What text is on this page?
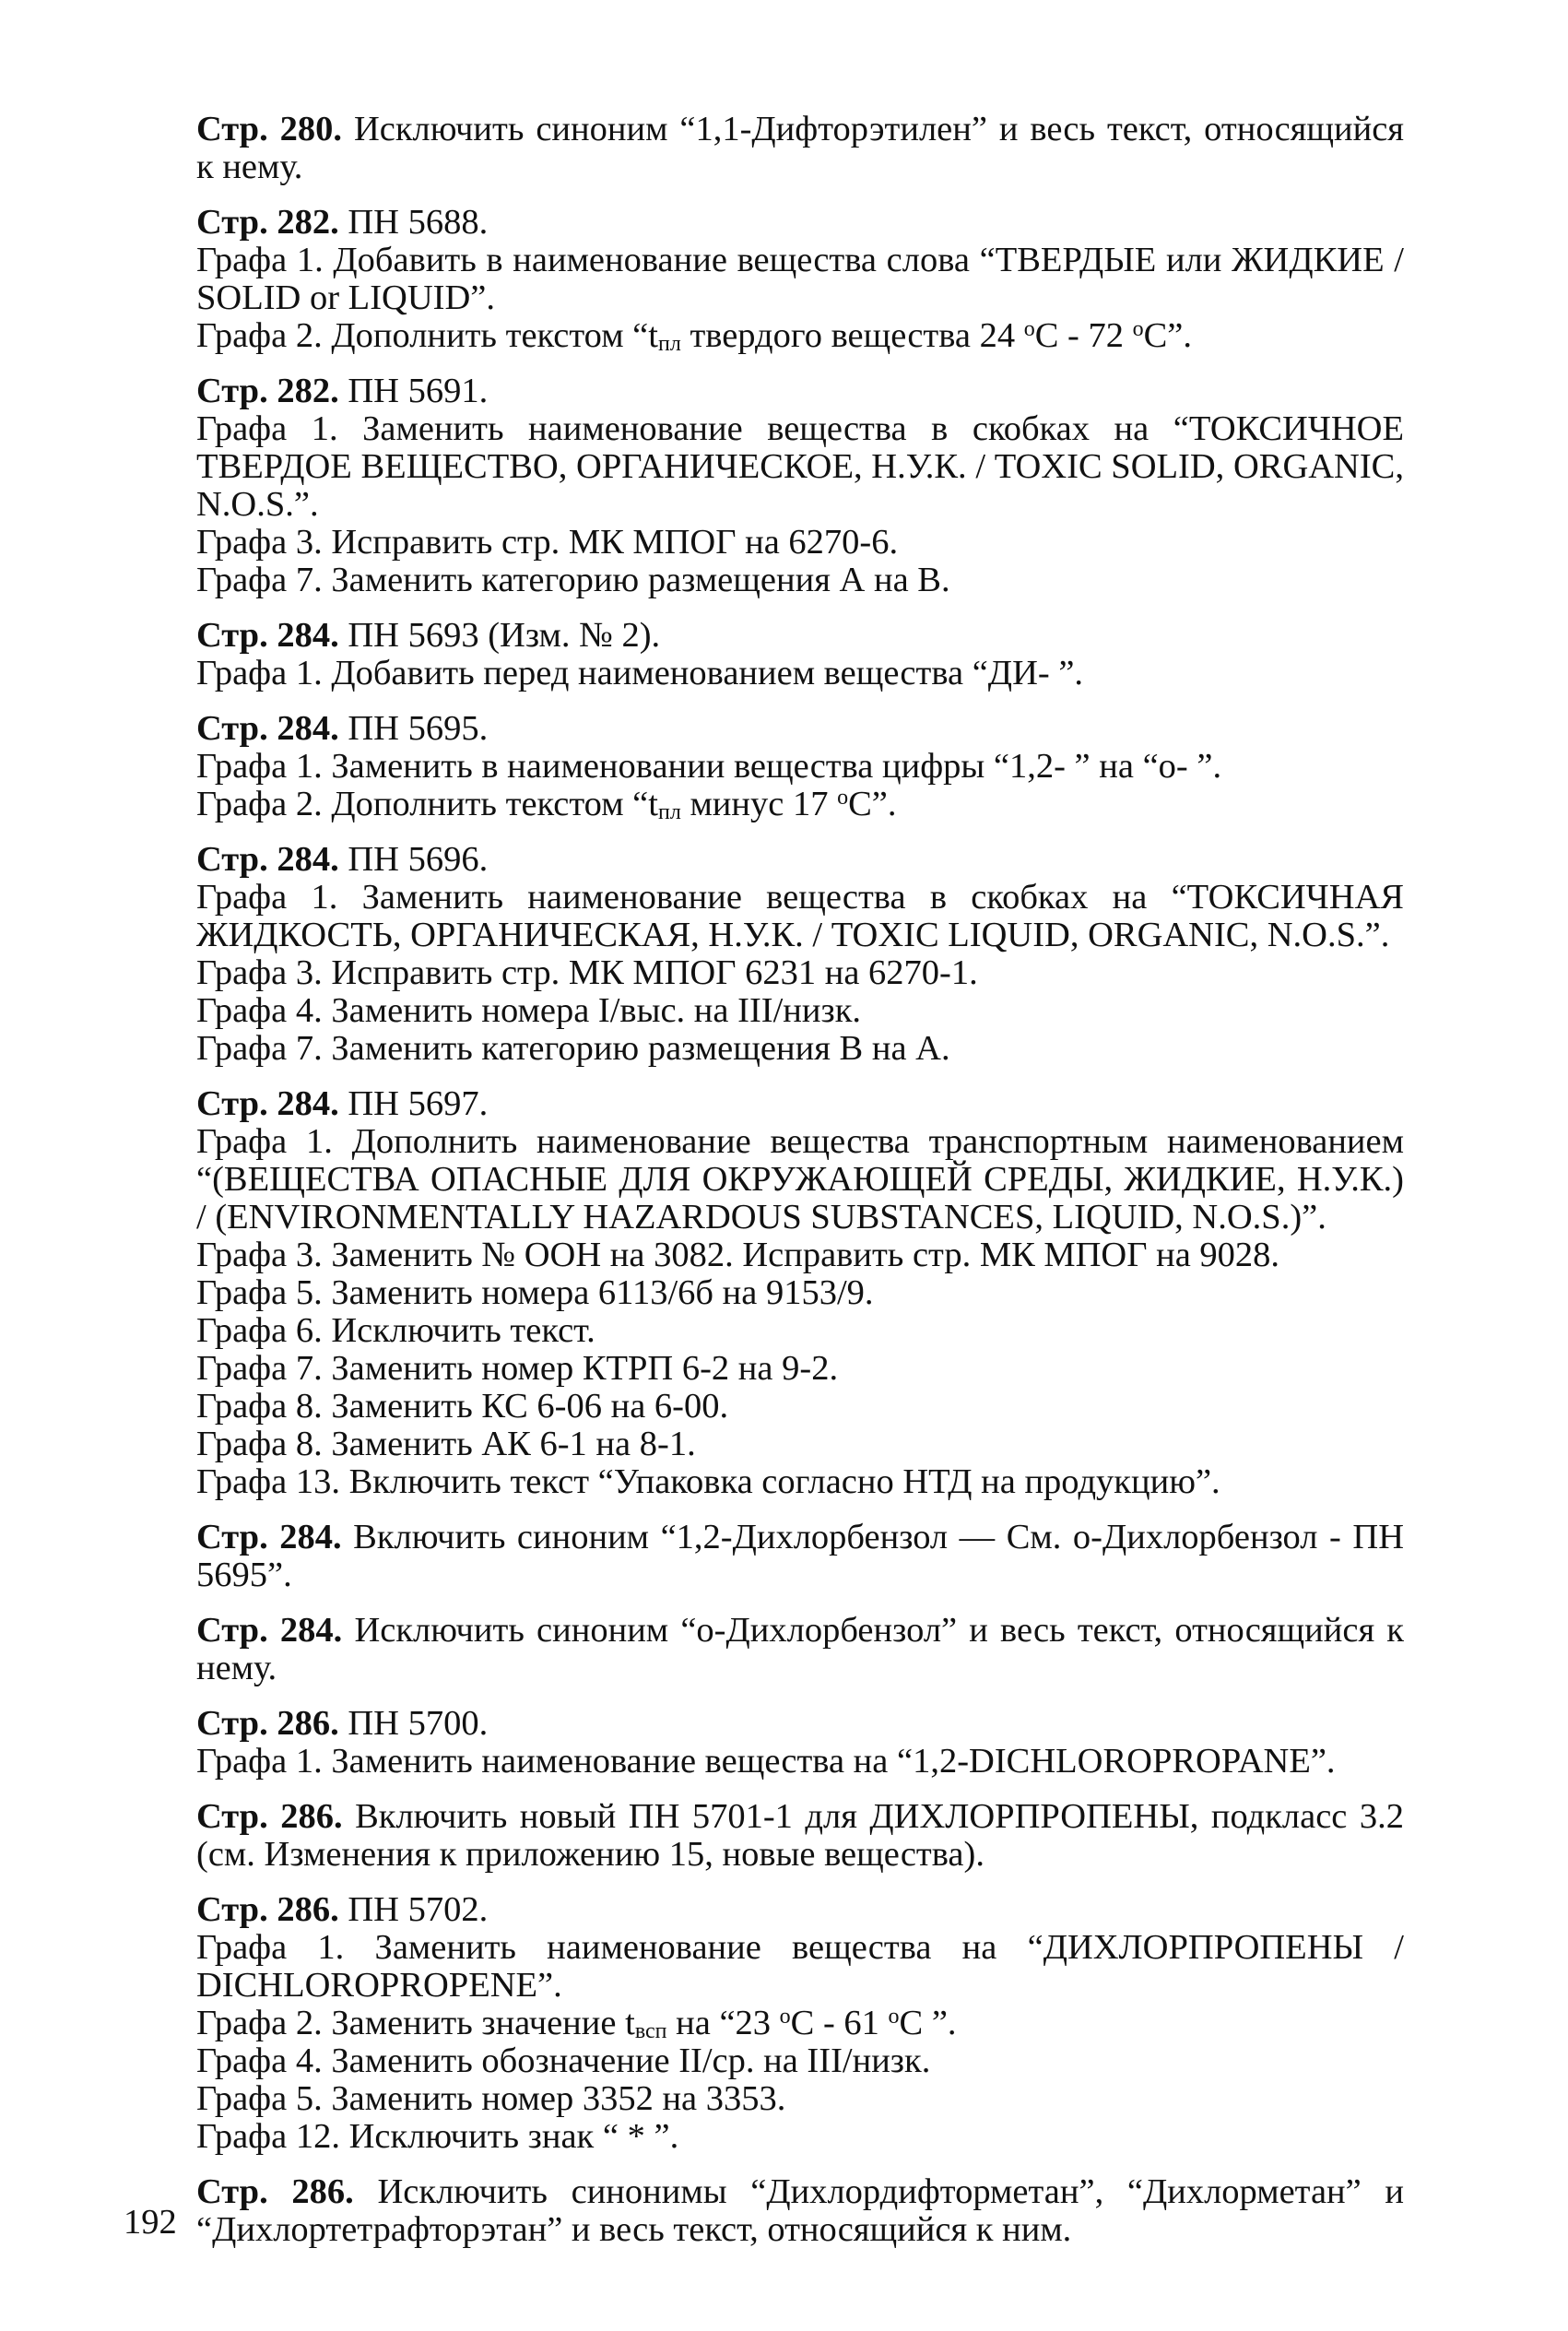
Стр. 280. Исключить синоним “1,1-Дифторэтилен” и весь текст, относящийся к нему.
Стр. 282. ПН 5688.
Графа 1. Добавить в наименование вещества слова “ТВЕРДЫЕ или ЖИДКИЕ / SOLID or LIQUID”.
Графа 2. Дополнить текстом “$t_{пл}$ твердого вещества 24 $^o$C - 72 $^o$C”.
Стр. 282. ПН 5691.
Графа 1. Заменить наименование вещества в скобках на “ТОКСИЧНОЕ ТВЕРДОЕ ВЕЩЕСТВО, ОРГАНИЧЕСКОЕ, Н.У.К. / TOXIC SOLID, ORGANIC, N.O.S.”.
Графа 3. Исправить стр. МК МПОГ на 6270-6.
Графа 7. Заменить категорию размещения А на В.
Стр. 284. ПН 5693 (Изм. № 2).
Графа 1. Добавить перед наименованием вещества “ДИ- ”.
Стр. 284. ПН 5695.
Графа 1. Заменить в наименовании вещества цифры “1,2- ” на “о- ”.
Графа 2. Дополнить текстом “$t_{пл}$ минус 17 $^o$C”.
Стр. 284. ПН 5696.
Графа 1. Заменить наименование вещества в скобках на “ТОКСИЧНАЯ ЖИДКОСТЬ, ОРГАНИЧЕСКАЯ, Н.У.К. / TOXIC LIQUID, ORGANIC, N.O.S.”.
Графа 3. Исправить стр. МК МПОГ 6231 на 6270-1.
Графа 4. Заменить номера I/выс. на III/низк.
Графа 7. Заменить категорию размещения В на А.
Стр. 284. ПН 5697.
Графа 1. Дополнить наименование вещества транспортным наименованием “(ВЕЩЕСТВА ОПАСНЫЕ ДЛЯ ОКРУЖАЮЩЕЙ СРЕДЫ, ЖИДКИЕ, Н.У.К.) / (ENVIRONMENTALLY HAZARDOUS SUBSTANCES, LIQUID, N.O.S.)”.
Графа 3. Заменить № ООН на 3082. Исправить стр. МК МПОГ на 9028.
Графа 5. Заменить номера 6113/6б на 9153/9.
Графа 6. Исключить текст.
Графа 7. Заменить номер КТРП 6-2 на 9-2.
Графа 8. Заменить КС 6-06 на 6-00.
Графа 8. Заменить АК 6-1 на 8-1.
Графа 13. Включить текст “Упаковка согласно НТД на продукцию”.
Стр. 284. Включить синоним “1,2-Дихлорбензол — См. о-Дихлорбензол - ПН 5695”.
Стр. 284. Исключить синоним “о-Дихлорбензол” и весь текст, относящийся к нему.
Стр. 286. ПН 5700.
Графа 1. Заменить наименование вещества на “1,2-DICHLOROPROPANE”.
Стр. 286. Включить новый ПН 5701-1 для ДИХЛОРПРОПЕНЫ, подкласс 3.2 (см. Изменения к приложению 15, новые вещества).
Стр. 286. ПН 5702.
Графа 1. Заменить наименование вещества на “ДИХЛОРПРОПЕНЫ / DICHLOROPROPENE”.
Графа 2. Заменить значение $t_{всп}$ на “23 $^o$C - 61 $^o$C ”.
Графа 4. Заменить обозначение II/ср. на III/низк.
Графа 5. Заменить номер 3352 на 3353.
Графа 12. Исключить знак “ * ”.
Стр. 286. Исключить синонимы “Дихлордифторметан”, “Дихлорметан” и “Дихлортетрафторэтан” и весь текст, относящийся к ним.
192
